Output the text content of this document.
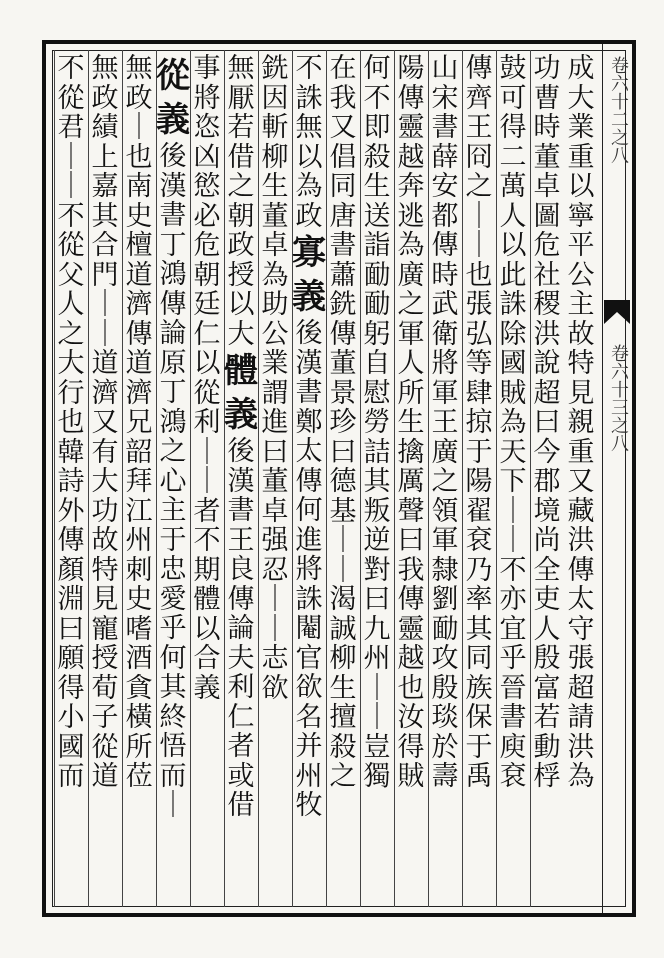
卷六十二之八
卷六十三之八
成
大
業
重
以
寧
平
公
主
故
特
見
親
重
又
藏
洪
傳
太
守
張
超
請
洪
為
功
曹
時
董
卓
圖
危
社
稷
洪
說
超
曰
今
郡
境
尚
全
吏
人
殷
富
若
動
桴
鼓
可
得
二
萬
人
以
此
誅
除
國
賊
為
天
下
｜
｜
不
亦
宜
乎
晉
書
庾
袞
傳
齊
王
冏
之
｜
｜
也
張
弘
等
肆
掠
于
陽
翟
袞
乃
率
其
同
族
保
于
禹
山
宋
書
薛
安
都
傳
時
武
衛
將
軍
王
廣
之
領
軍
隸
劉
勔
攻
殷
琰
於
壽
陽
傳
靈
越
奔
逃
為
廣
之
軍
人
所
生
擒
厲
聲
曰
我
傳
靈
越
也
汝
得
賊
何
不
即
殺
生
送
詣
勔
勔
躬
自
慰
勞
詰
其
叛
逆
對
曰
九
州
｜
｜
豈
獨
在
我
又
倡
同
唐
書
蕭
銑
傳
董
景
珍
曰
德
基
｜
｜
渴
誠
柳
生
擅
殺
之
不
誅
無
以
為
政
寡
義
後
漢
書
鄭
太
傳
何
進
將
誅
閹
官
欲
名
并
州
牧
銑
因
斬
柳
生
董
卓
為
助
公
業
謂
進
曰
董
卓
强
忍
｜
｜
志
欲
無
厭
若
借
之
朝
政
授
以
大
體
義
後
漢
書
王
良
傳
論
夫
利
仁
者
或
借
事
將
恣
凶
慾
必
危
朝
廷
仁
以
從
利
｜
｜
者
不
期
體
以
合
義
從
義
後
漢
書
丁
鴻
傳
論
原
丁
鴻
之
心
主
于
忠
愛
乎
何
其
終
悟
而
｜
無
政
｜
也
南
史
檀
道
濟
傳
道
濟
兄
韶
拜
江
州
刺
史
嗜
酒
貪
橫
所
莅
無
政
績
上
嘉
其
合
門
｜
｜
道
濟
又
有
大
功
故
特
見
寵
授
荀
子
從
道
不
從
君
｜
｜
不
從
父
人
之
大
行
也
韓
詩
外
傳
顏
淵
曰
願
得
小
國
而
